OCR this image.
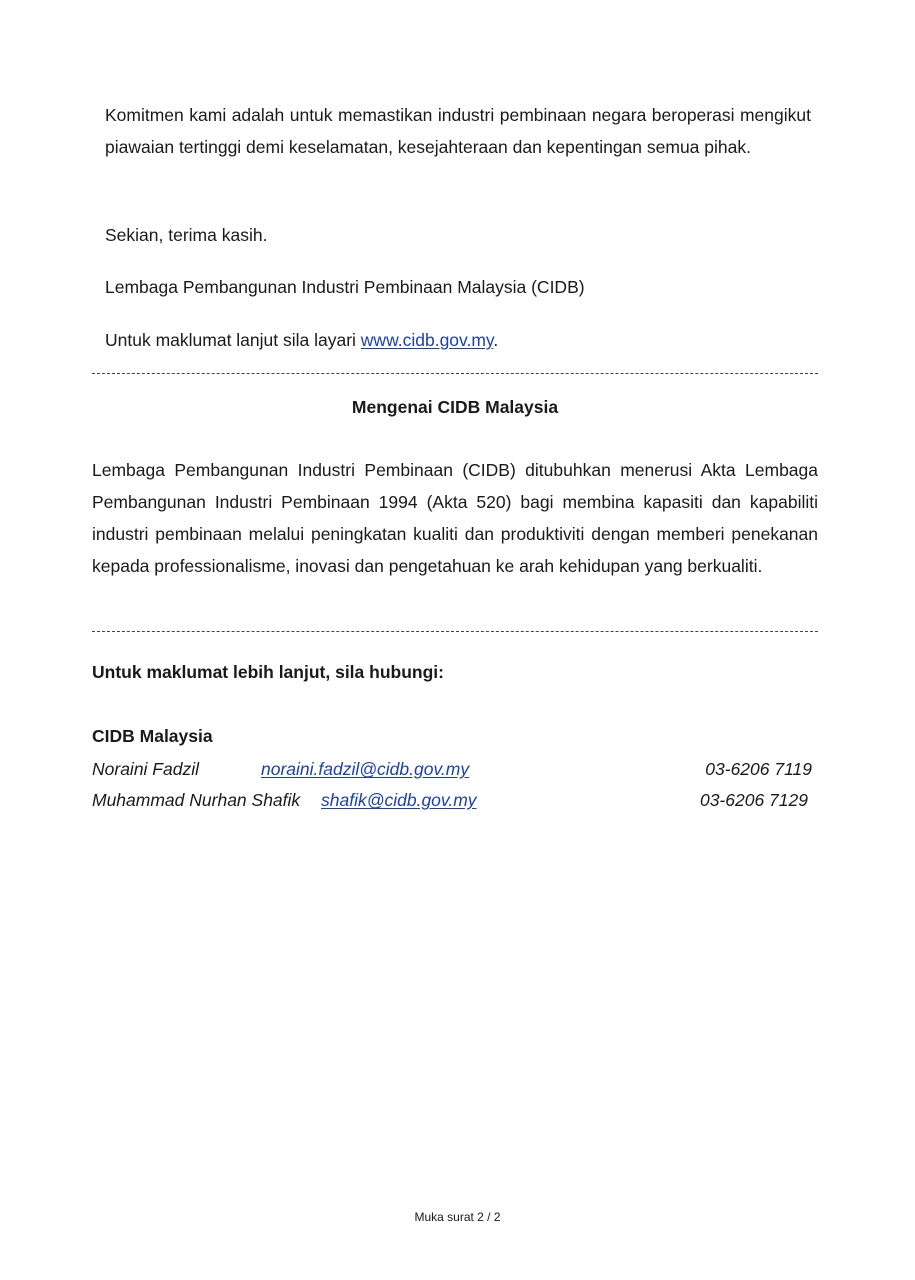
Komitmen kami adalah untuk memastikan industri pembinaan negara beroperasi mengikut piawaian tertinggi demi keselamatan, kesejahteraan dan kepentingan semua pihak.

Sekian, terima kasih.

Lembaga Pembangunan Industri Pembinaan Malaysia (CIDB)

Untuk maklumat lanjut sila layari www.cidb.gov.my.

Mengenai CIDB Malaysia

Lembaga Pembangunan Industri Pembinaan (CIDB) ditubuhkan menerusi Akta Lembaga Pembangunan Industri Pembinaan 1994 (Akta 520) bagi membina kapasiti dan kapabiliti industri pembinaan melalui peningkatan kualiti dan produktiviti dengan memberi penekanan kepada professionalisme, inovasi dan pengetahuan ke arah kehidupan yang berkualiti.

Untuk maklumat lebih lanjut, sila hubungi:
CIDB Malaysia
Noraini Fadzil	noraini.fadzil@cidb.gov.my	03-6206 7119
Muhammad Nurhan Shafik shafik@cidb.gov.my	03-6206 7129
Muka surat 2 / 2
